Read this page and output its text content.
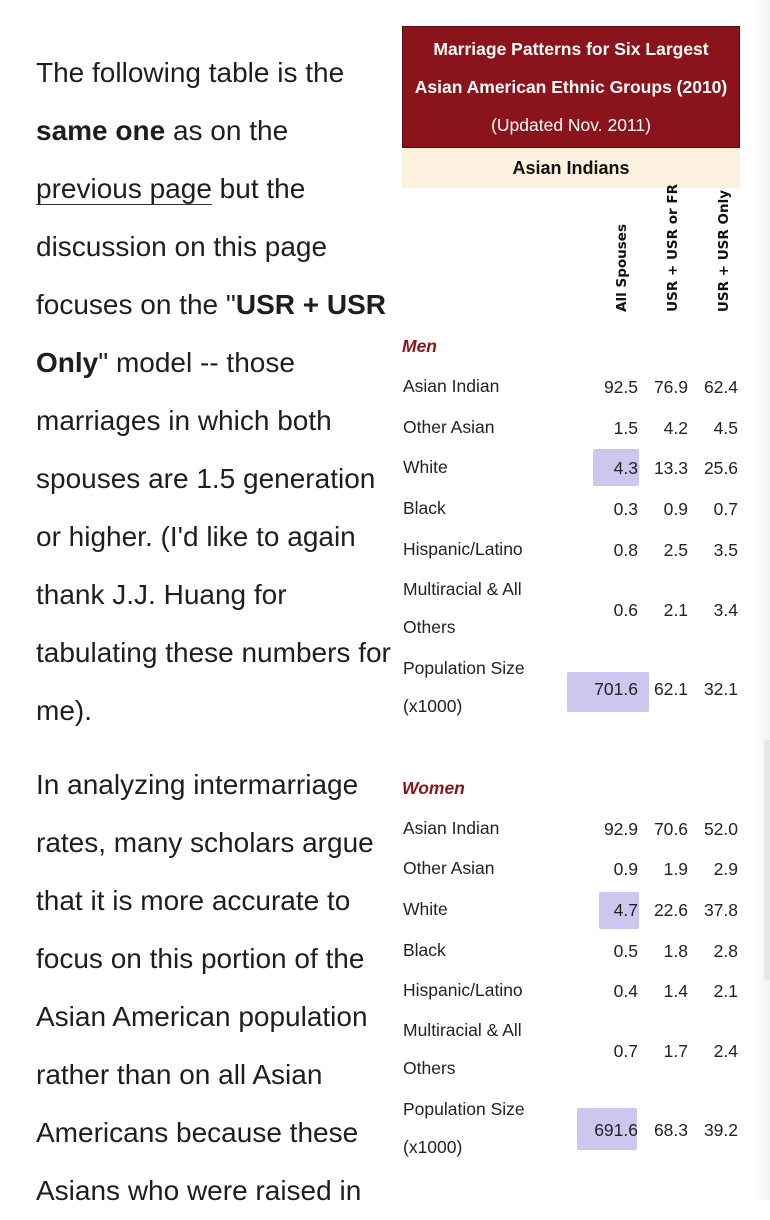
The following table is the same one as on the previous page but the discussion on this page focuses on the "USR + USR Only" model -- those marriages in which both spouses are 1.5 generation or higher. (I'd like to again thank J.J. Huang for tabulating these numbers for me).

In analyzing intermarriage rates, many scholars argue that it is more accurate to focus on this portion of the Asian American population rather than on all Asian Americans because these Asians who were raised in

Marriage Patterns for Six Largest
Asian American Ethnic Groups (2010)
(Updated Nov. 2011)
Asian Indians
All Spouses	USR + USR or FR	USR + USR Only
Men
Asian Indian	92.5 76.9 62.4
Other Asian	1.5	4.2	4.5
White	4.3 13.3 25.6
Black	0.3	0.9	0.7
Hispanic/Latino	0.8	2.5	3.5
Multiracial & All Others
0.6	2.1	3.4
Population Size (x1000)
701.6 62.1 32.1
Women
Asian Indian	92.9 70.6 52.0
Other Asian	0.9	1.9	2.9
White	4.7 22.6 37.8
Black	0.5	1.8	2.8
Hispanic/Latino	0.4	1.4	2.1
Multiracial & All Others
0.7	1.7	2.4
Population Size (x1000)
691.6 68.3 39.2
